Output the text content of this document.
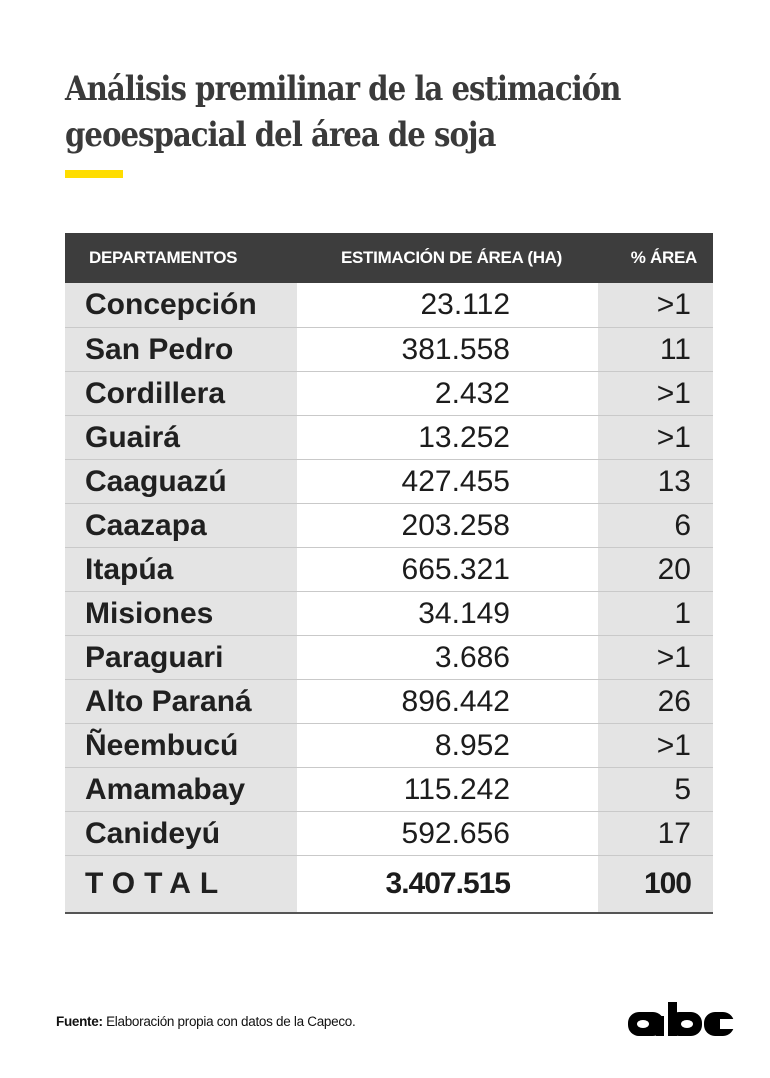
Análisis premilinar de la estimación
geoespacial del área de soja
DEPARTAMENTOS	ESTIMACIÓN DE ÁREA (HA)	% ÁREA
Concepción	23.112	>1
San Pedro	381.558	11
Cordillera	2.432	>1
Guairá	13.252	>1
Caaguazú	427.455	13
Caazapa	203.258	6
Itapúa	665.321	20
Misiones	34.149	1
Paraguari	3.686	>1
Alto Paraná	896.442	26
Ñeembucú	8.952	>1
Amamabay	115.242	5
Canideyú	592.656	17
TOTAL	3.407.515	100
Fuente: Elaboración propia con datos de la Capeco.
